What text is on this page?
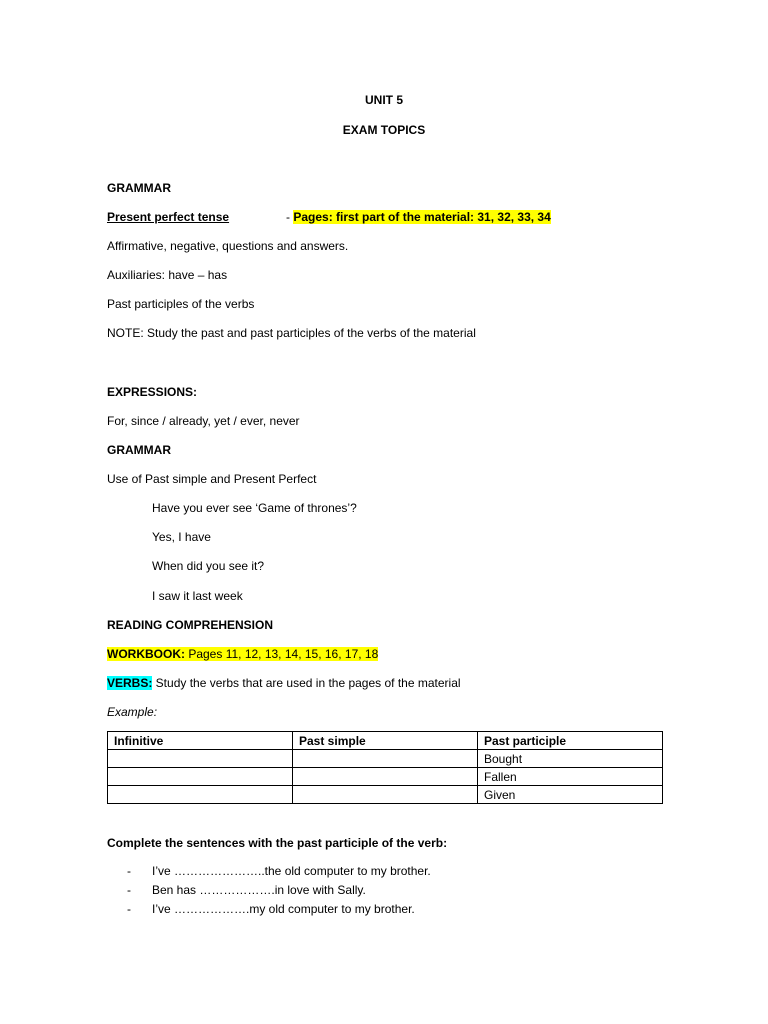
UNIT 5
EXAM TOPICS
GRAMMAR
Present perfect tense	- Pages: first part of the material: 31, 32, 33, 34
Affirmative, negative, questions and answers.
Auxiliaries: have – has
Past participles of the verbs
NOTE: Study the past and past participles of the verbs of the material
EXPRESSIONS:
For, since / already, yet / ever, never
GRAMMAR
Use of Past simple and Present Perfect
Have you ever see ‘Game of thrones’?
Yes, I have
When did you see it?
I saw it last week
READING COMPREHENSION
WORKBOOK: Pages 11, 12, 13, 14, 15, 16, 17, 18
VERBS: Study the verbs that are used in the pages of the material
Example:
Infinitive	Past simple	Past participle
		Bought
		Fallen
		Given
Complete the sentences with the past participle of the verb:
- I’ve …………………..the old computer to my brother.
- Ben has ……………….in love with Sally.
- I’ve ……………….my old computer to my brother.
